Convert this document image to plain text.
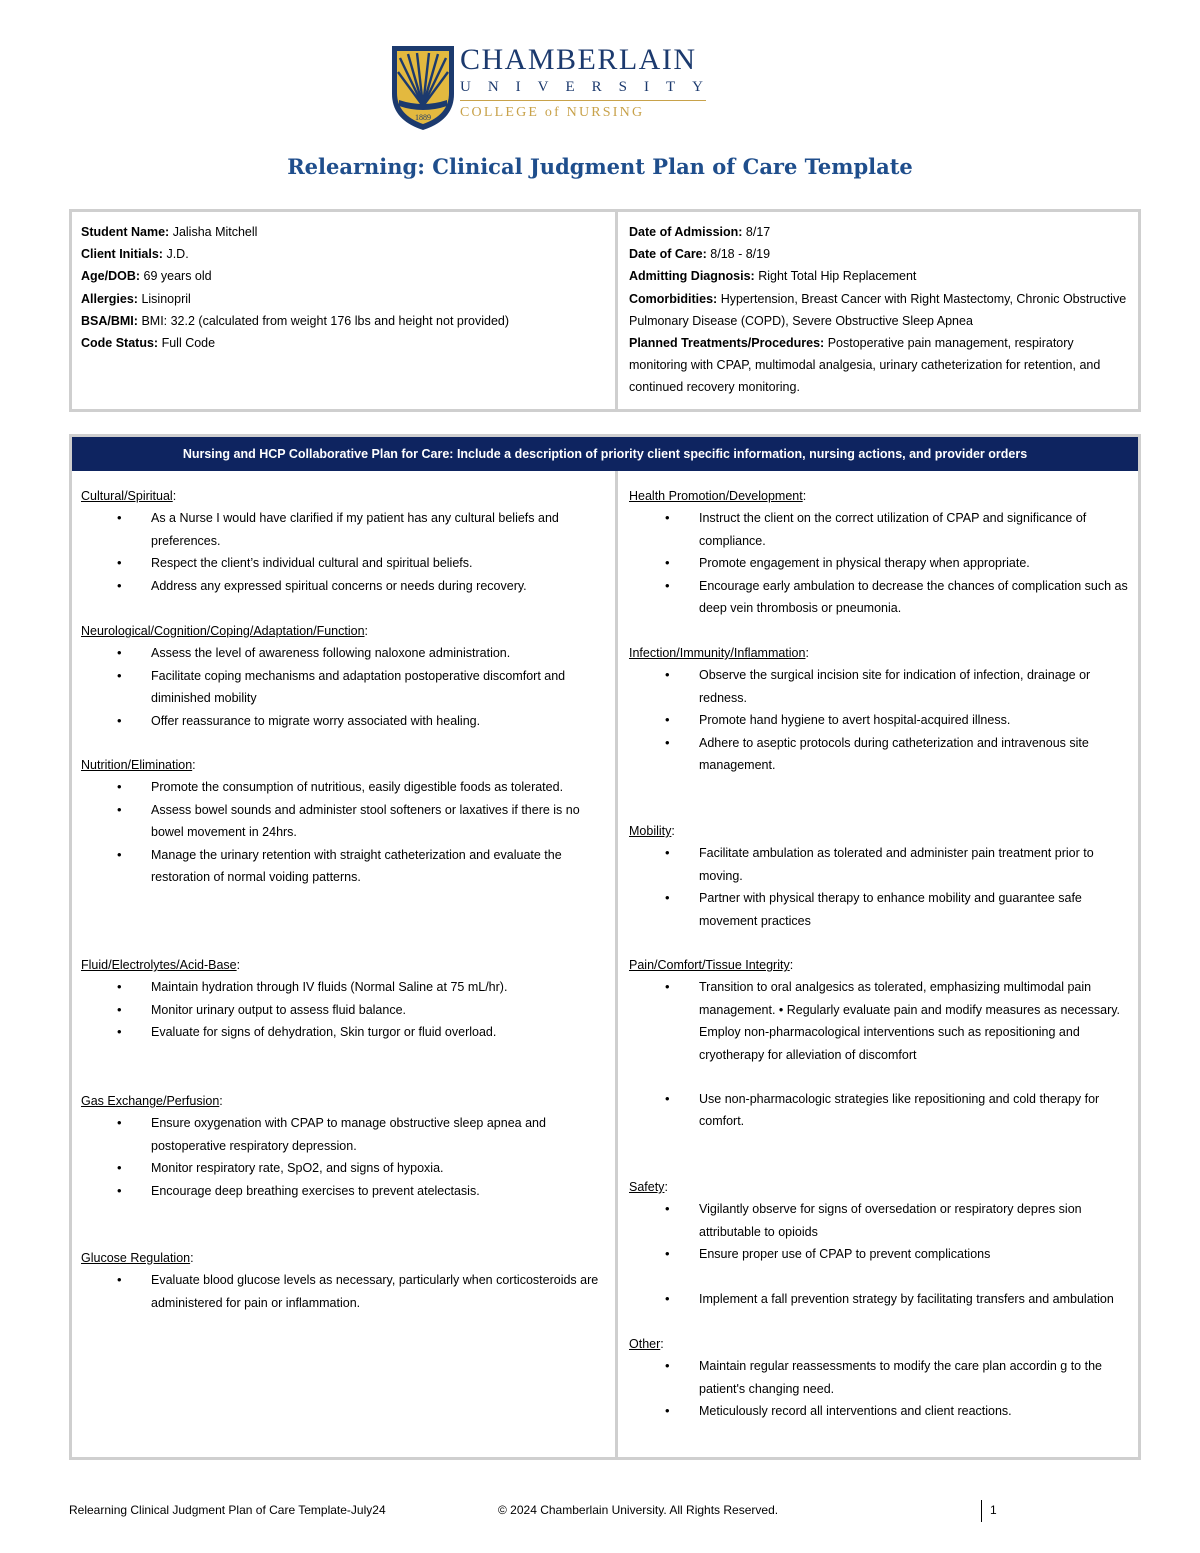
1889
CHAMBERLAIN
UNIVERSITY
COLLEGE of NURSING
Relearning: Clinical Judgment Plan of Care Template
Student Name: Jalisha Mitchell
Client Initials: J.D.
Age/DOB: 69 years old
Allergies: Lisinopril
BSA/BMI: BMI: 32.2 (calculated from weight 176 lbs and height not provided)
Code Status: Full Code
Date of Admission: 8/17
Date of Care: 8/18 - 8/19
Admitting Diagnosis: Right Total Hip Replacement
Comorbidities: Hypertension, Breast Cancer with Right Mastectomy, Chronic Obstructive Pulmonary Disease (COPD), Severe Obstructive Sleep Apnea
Planned Treatments/Procedures: Postoperative pain management, respiratory monitoring with CPAP, multimodal analgesia, urinary catheterization for retention, and continued recovery monitoring.
Nursing and HCP Collaborative Plan for Care: Include a description of priority client specific information, nursing actions, and provider orders
Cultural/Spiritual:
• As a Nurse I would have clarified if my patient has any cultural beliefs and preferences.
• Respect the client’s individual cultural and spiritual beliefs.
• Address any expressed spiritual concerns or needs during recovery.
Neurological/Cognition/Coping/Adaptation/Function:
• Assess the level of awareness following naloxone administration.
• Facilitate coping mechanisms and adaptation postoperative discomfort and diminished mobility
• Offer reassurance to migrate worry associated with healing.
Nutrition/Elimination:
• Promote the consumption of nutritious, easily digestible foods as tolerated.
• Assess bowel sounds and administer stool softeners or laxatives if there is no bowel movement in 24hrs.
• Manage the urinary retention with straight catheterization and evaluate the restoration of normal voiding patterns.
Fluid/Electrolytes/Acid-Base:
• Maintain hydration through IV fluids (Normal Saline at 75 mL/hr).
• Monitor urinary output to assess fluid balance.
• Evaluate for signs of dehydration, Skin turgor or fluid overload.
Gas Exchange/Perfusion:
• Ensure oxygenation with CPAP to manage obstructive sleep apnea and postoperative respiratory depression.
• Monitor respiratory rate, SpO2, and signs of hypoxia.
• Encourage deep breathing exercises to prevent atelectasis.
Glucose Regulation:
• Evaluate blood glucose levels as necessary, particularly when corticosteroids are administered for pain or inflammation.
Health Promotion/Development:
• Instruct the client on the correct utilization of CPAP and significance of compliance.
• Promote engagement in physical therapy when appropriate.
• Encourage early ambulation to decrease the chances of complication such as deep vein thrombosis or pneumonia.
Infection/Immunity/Inflammation:
• Observe the surgical incision site for indication of infection, drainage or redness.
• Promote hand hygiene to avert hospital-acquired illness.
• Adhere to aseptic protocols during catheterization and intravenous site management.
Mobility:
• Facilitate ambulation as tolerated and administer pain treatment prior to moving.
• Partner with physical therapy to enhance mobility and guarantee safe movement practices
Pain/Comfort/Tissue Integrity:
• Transition to oral analgesics as tolerated, emphasizing multimodal pain management. • Regularly evaluate pain and modify measures as necessary. Employ non-pharmacological interventions such as repositioning and cryotherapy for alleviation of discomfort
• Use non-pharmacologic strategies like repositioning and cold therapy for comfort.
Safety:
• Vigilantly observe for signs of oversedation or respiratory depres sion attributable to opioids
• Ensure proper use of CPAP to prevent complications
• Implement a fall prevention strategy by facilitating transfers and ambulation
Other:
• Maintain regular reassessments to modify the care plan accordin g to the patient's changing need.
• Meticulously record all interventions and client reactions.
Relearning Clinical Judgment Plan of Care Template-July24	© 2024 Chamberlain University. All Rights Reserved.	1
